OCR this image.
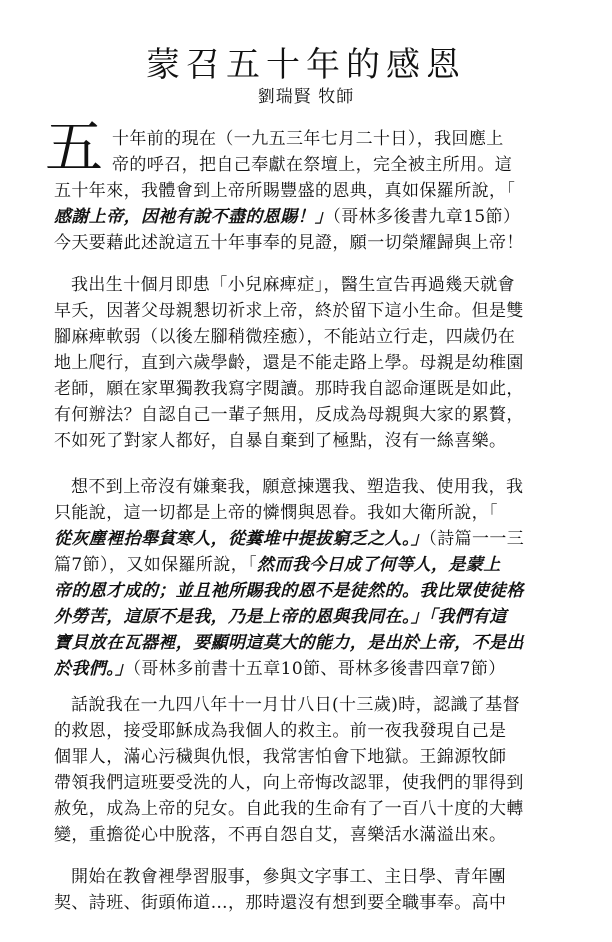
蒙召五十年的感恩
劉瑞賢 牧師
五 十年前的現在（一九五三年七月二十日），我回應上
帝的呼召，把自己奉獻在祭壇上，完全被主所用。這
五十年來，我體會到上帝所賜豐盛的恩典，真如保羅所說，「
感謝上帝，因祂有說不盡的恩賜！」（哥林多後書九章15節）
今天要藉此述說這五十年事奉的見證，願一切榮耀歸與上帝！
我出生十個月即患「小兒麻痺症」，醫生宣告再過幾天就會
早夭，因著父母親懇切祈求上帝，終於留下這小生命。但是雙
腳麻痺軟弱（以後左腳稍微痊癒），不能站立行走，四歲仍在
地上爬行，直到六歲學齡，還是不能走路上學。母親是幼稚園
老師，願在家單獨教我寫字閱讀。那時我自認命運既是如此，
有何辦法？自認自己一輩子無用，反成為母親與大家的累贅，
不如死了對家人都好，自暴自棄到了極點，沒有一絲喜樂。
想不到上帝沒有嫌棄我，願意揀選我、塑造我、使用我，我
只能說，這一切都是上帝的憐憫與恩眷。我如大衛所說，「
從灰塵裡抬舉貧寒人，從糞堆中提拔窮乏之人。」（詩篇一一三
篇7節），又如保羅所說，「然而我今日成了何等人，是蒙上
帝的恩才成的；並且祂所賜我的恩不是徒然的。我比眾使徒格
外勞苦，這原不是我，乃是上帝的恩與我同在。」「我們有這
寶貝放在瓦器裡，要顯明這莫大的能力，是出於上帝，不是出
於我們。」（哥林多前書十五章10節、哥林多後書四章7節）
話說我在一九四八年十一月廿八日(十三歲)時，認識了基督
的救恩，接受耶穌成為我個人的救主。前一夜我發現自己是
個罪人，滿心污穢與仇恨，我常害怕會下地獄。王錦源牧師
帶領我們這班要受洗的人，向上帝悔改認罪，使我們的罪得到
赦免，成為上帝的兒女。自此我的生命有了一百八十度的大轉
變，重擔從心中脫落，不再自怨自艾，喜樂活水滿溢出來。
開始在教會裡學習服事，參與文字事工、主日學、青年團
契、詩班、街頭佈道…，那時還沒有想到要全職事奉。高中
